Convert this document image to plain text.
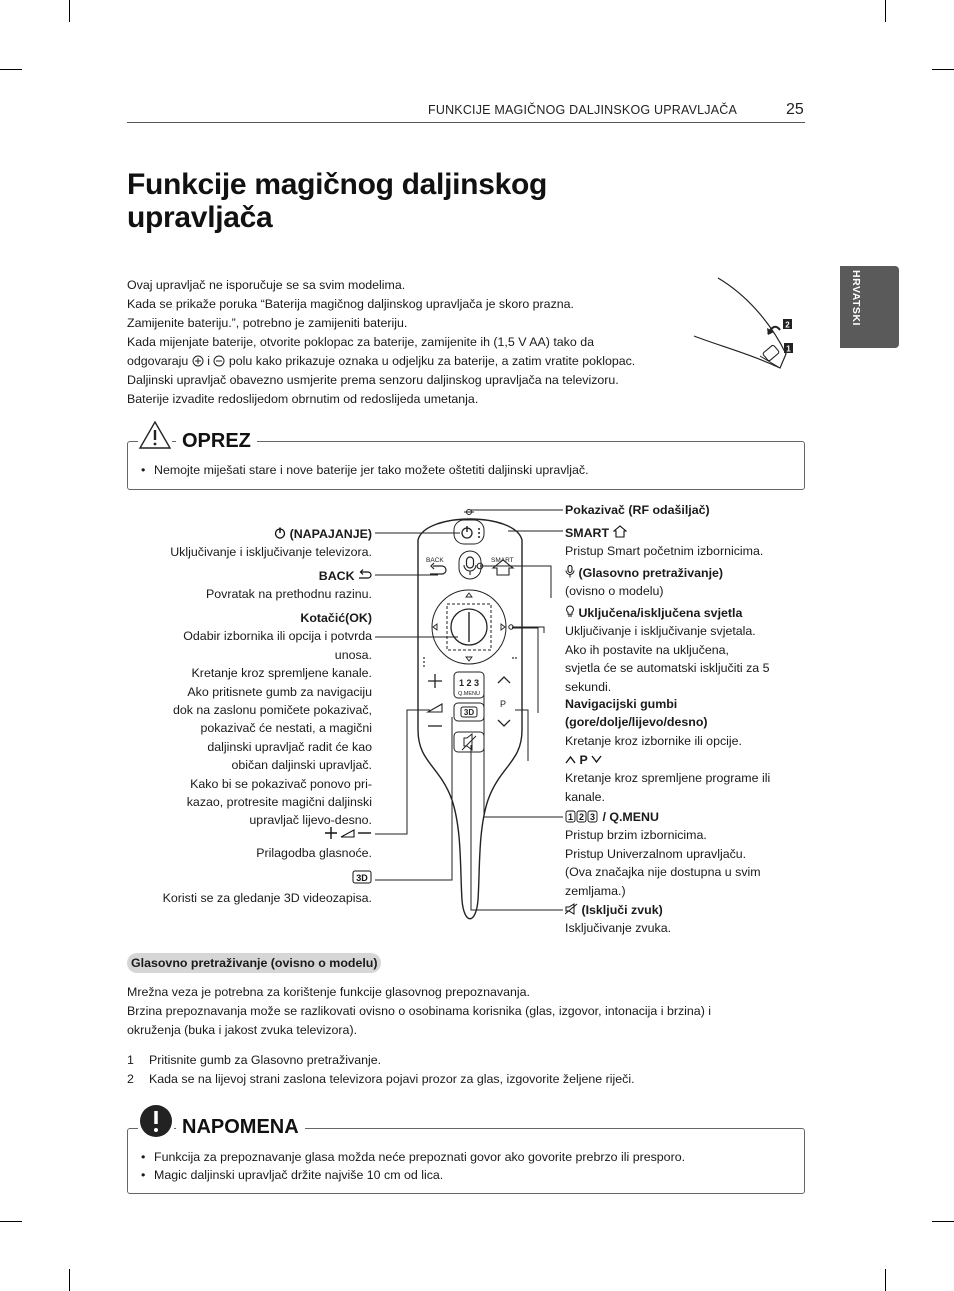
FUNKCIJE MAGIČNOG DALJINSKOG UPRAVLJAČA	25
HRVATSKI
Funkcije magičnog daljinskog
upravljača

Ovaj upravljač ne isporučuje se sa svim modelima.

Kada se prikaže poruka “Baterija magičnog daljinskog upravljača je skoro prazna.

Zamijenite bateriju.”, potrebno je zamijeniti bateriju.

Kada mijenjate baterije, otvorite poklopac za baterije, zamijenite ih (1,5 V AA) tako da

odgovaraju i polu kako prikazuje oznaka u odjeljku za baterije, a zatim vratite poklopac.

Daljinski upravljač obavezno usmjerite prema senzoru daljinskog upravljača na televizoru.

Baterije izvadite redoslijedom obrnutim od redoslijeda umetanja.

2
1
OPREZ
• Nemojte miješati stare i nove baterije jer tako možete oštetiti daljinski upravljač.
BACK	SMART
1 2 3
Q.MENU
3D
P
(NAPAJANJE)
Uključivanje i isključivanje televizora.
BACK
Povratak na prethodnu razinu.
Kotačić(OK)
Odabir izbornika ili opcija i potvrda
unosa.
Kretanje kroz spremljene kanale.
Ako pritisnete gumb za navigaciju
dok na zaslonu pomičete pokazivač,
pokazivač će nestati, a magični
daljinski upravljač radit će kao
običan daljinski upravljač.
Kako bi se pokazivač ponovo pri-
kazao, protresite magični daljinski
upravljač lijevo-desno.
Prilagodba glasnoće.
3D
Koristi se za gledanje 3D videozapisa.
Pokazivač (RF odašiljač)
SMART
Pristup Smart početnim izbornicima.
(Glasovno pretraživanje)
(ovisno o modelu)
Uključena/isključena svjetla
Uključivanje i isključivanje svjetala.
Ako ih postavite na uključena,
svjetla će se automatski isključiti za 5
sekundi.
Navigacijski gumbi
(gore/dolje/lijevo/desno)
Kretanje kroz izbornike ili opcije.
P
Kretanje kroz spremljene programe ili
kanale.
1 2 3 / Q.MENU
Pristup brzim izbornicima.
Pristup Univerzalnom upravljaču.
(Ova značajka nije dostupna u svim
zemljama.)
(Isključi zvuk)
Isključivanje zvuka.
Glasovno pretraživanje (ovisno o modelu)
Mrežna veza je potrebna za korištenje funkcije glasovnog prepoznavanja.
Brzina prepoznavanja može se razlikovati ovisno o osobinama korisnika (glas, izgovor, intonacija i brzina) i
okruženja (buka i jakost zvuka televizora).
1 Pritisnite gumb za Glasovno pretraživanje.
2 Kada se na lijevoj strani zaslona televizora pojavi prozor za glas, izgovorite željene riječi.
NAPOMENA
• Funkcija za prepoznavanje glasa možda neće prepoznati govor ako govorite prebrzo ili presporo.
• Magic daljinski upravljač držite najviše 10 cm od lica.
